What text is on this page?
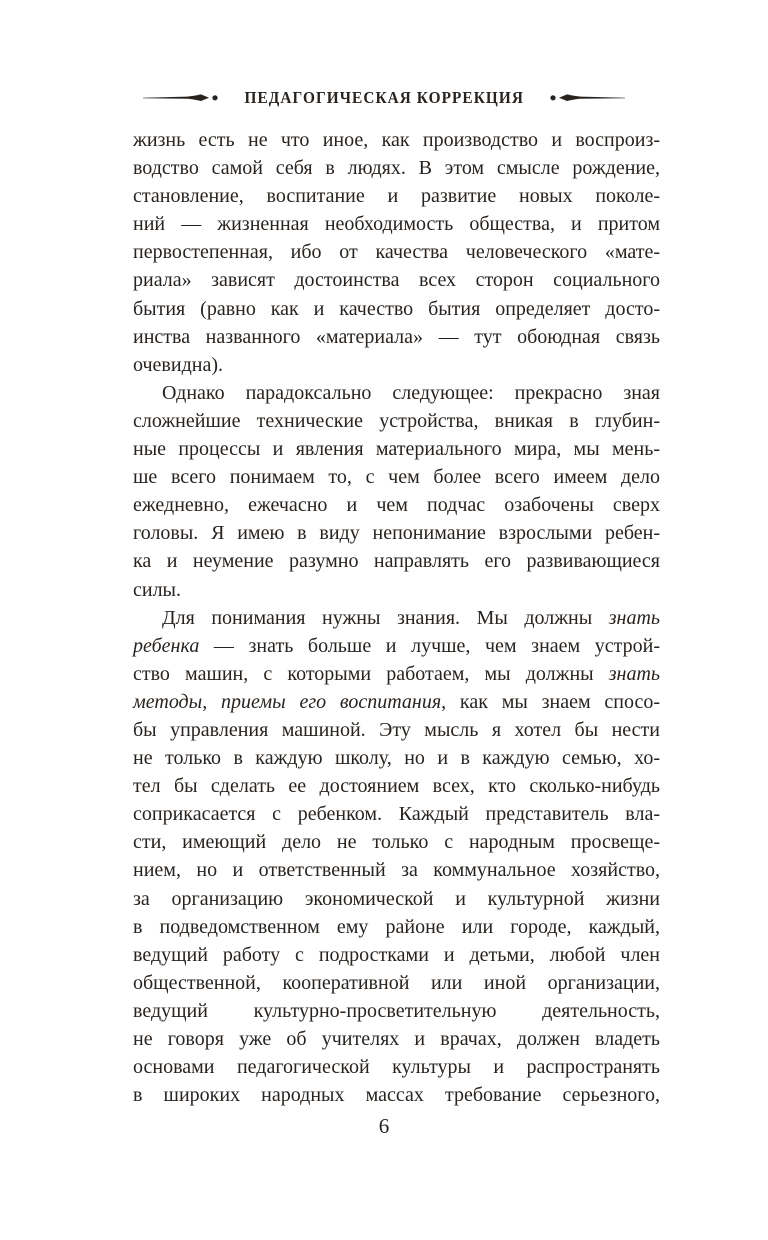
ПЕДАГОГИЧЕСКАЯ КОРРЕКЦИЯ
жизнь есть не что иное, как производство и воспроиз-
водство самой себя в людях. В этом смысле рождение,
становление, воспитание и развитие новых поколе-
ний — жизненная необходимость общества, и притом
первостепенная, ибо от качества человеческого «мате-
риала» зависят достоинства всех сторон социального
бытия (равно как и качество бытия определяет досто-
инства названного «материала» — тут обоюдная связь
очевидна).
Однако парадоксально следующее: прекрасно зная
сложнейшие технические устройства, вникая в глубин-
ные процессы и явления материального мира, мы мень-
ше всего понимаем то, с чем более всего имеем дело
ежедневно, ежечасно и чем подчас озабочены сверх
головы. Я имею в виду непонимание взрослыми ребен-
ка и неумение разумно направлять его развивающиеся
силы.
Для понимания нужны знания. Мы должны знать
ребенка — знать больше и лучше, чем знаем устрой-
ство машин, с которыми работаем, мы должны знать
методы, приемы его воспитания, как мы знаем спосо-
бы управления машиной. Эту мысль я хотел бы нести
не только в каждую школу, но и в каждую семью, хо-
тел бы сделать ее достоянием всех, кто сколько-нибудь
соприкасается с ребенком. Каждый представитель вла-
сти, имеющий дело не только с народным просвеще-
нием, но и ответственный за коммунальное хозяйство,
за организацию экономической и культурной жизни
в подведомственном ему районе или городе, каждый,
ведущий работу с подростками и детьми, любой член
общественной, кооперативной или иной организации,
ведущий культурно-просветительную деятельность,
не говоря уже об учителях и врачах, должен владеть
основами педагогической культуры и распространять
в широких народных массах требование серьезного,
6
